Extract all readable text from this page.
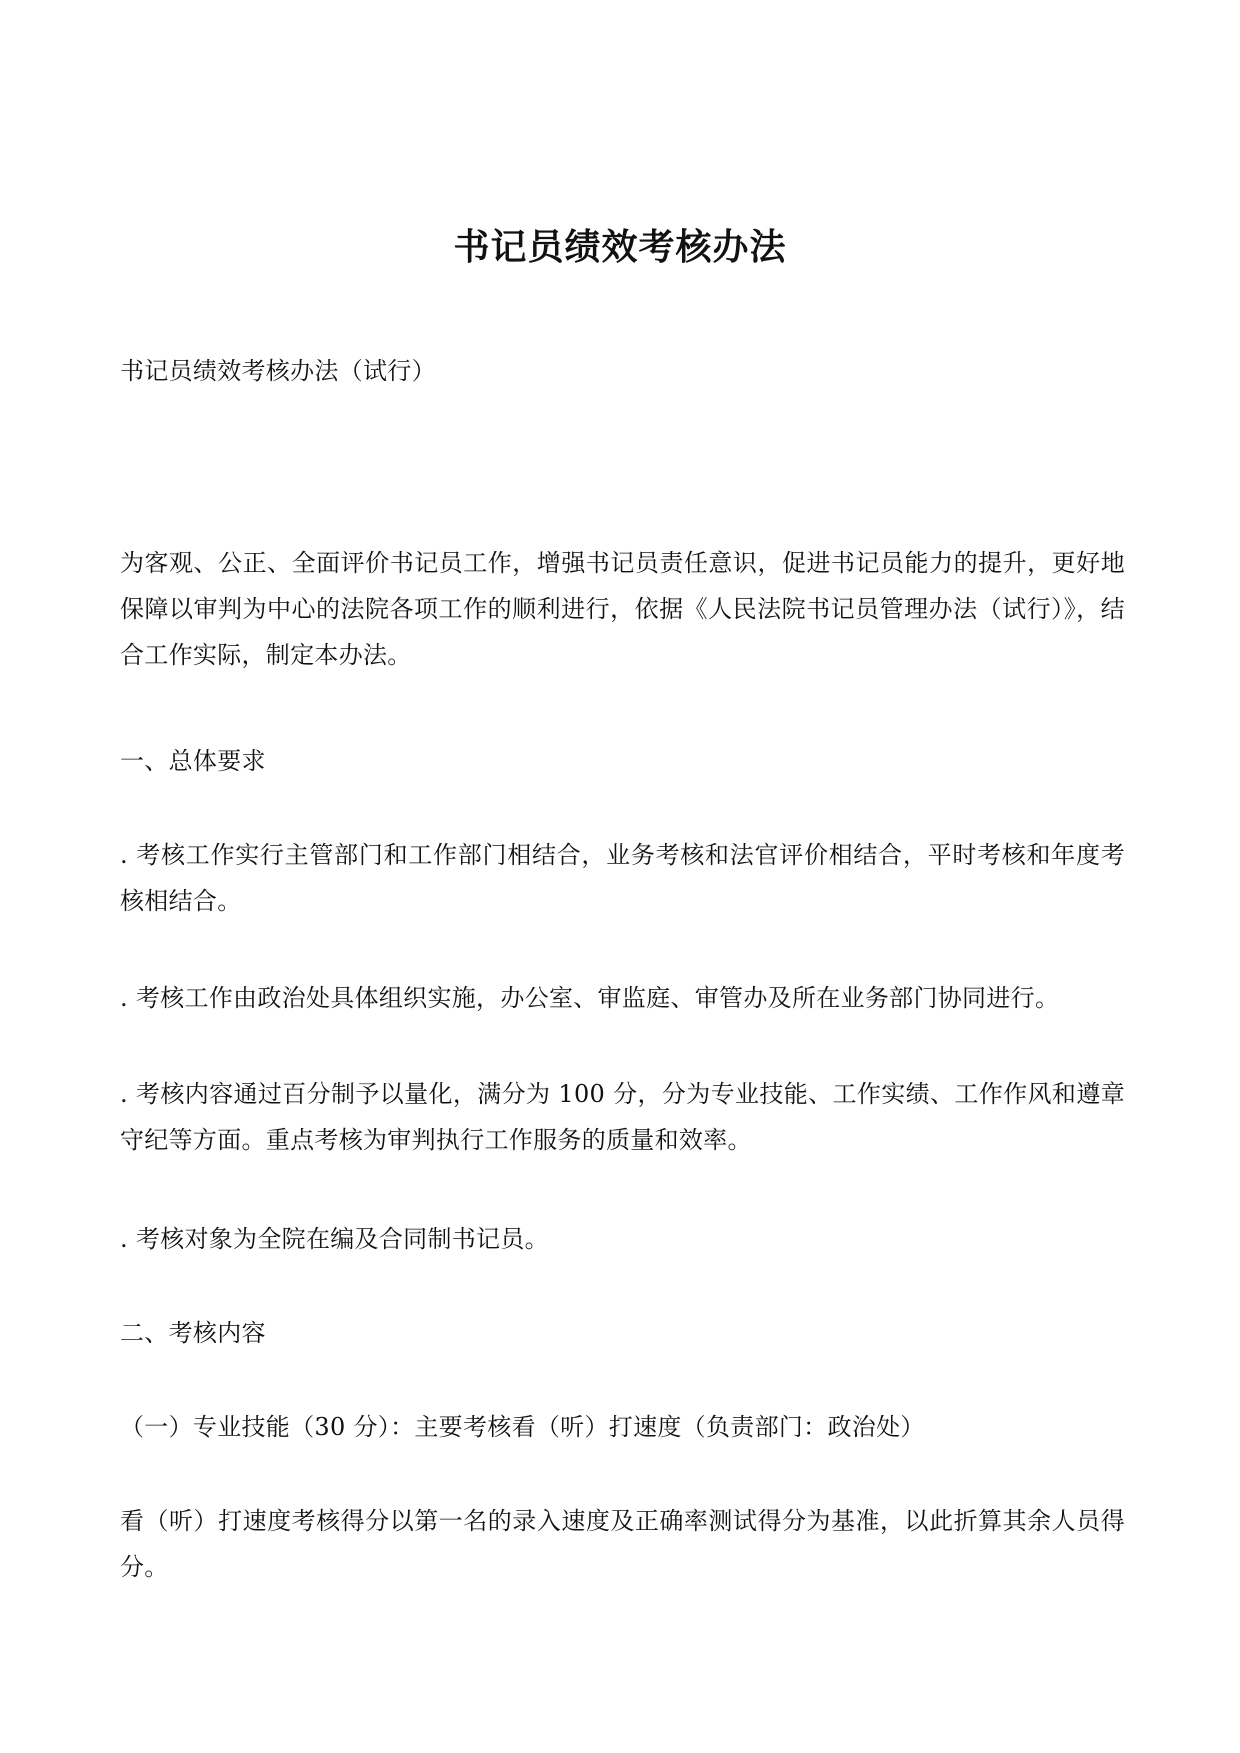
书记员绩效考核办法

书记员绩效考核办法（试行）

为客观、公正、全面评价书记员工作，增强书记员责任意识，促进书记员能力的提升，更好地保障以审判为中心的法院各项工作的顺利进行，依据《人民法院书记员管理办法（试行）》，结合工作实际，制定本办法。

一、总体要求

. 考核工作实行主管部门和工作部门相结合，业务考核和法官评价相结合，平时考核和年度考核相结合。

. 考核工作由政治处具体组织实施，办公室、审监庭、审管办及所在业务部门协同进行。

. 考核内容通过百分制予以量化，满分为 100 分，分为专业技能、工作实绩、工作作风和遵章守纪等方面。重点考核为审判执行工作服务的质量和效率。

. 考核对象为全院在编及合同制书记员。

二、考核内容

（一）专业技能（30 分）：主要考核看（听）打速度（负责部门：政治处）

看（听）打速度考核得分以第一名的录入速度及正确率测试得分为基准，以此折算其余人员得分。
